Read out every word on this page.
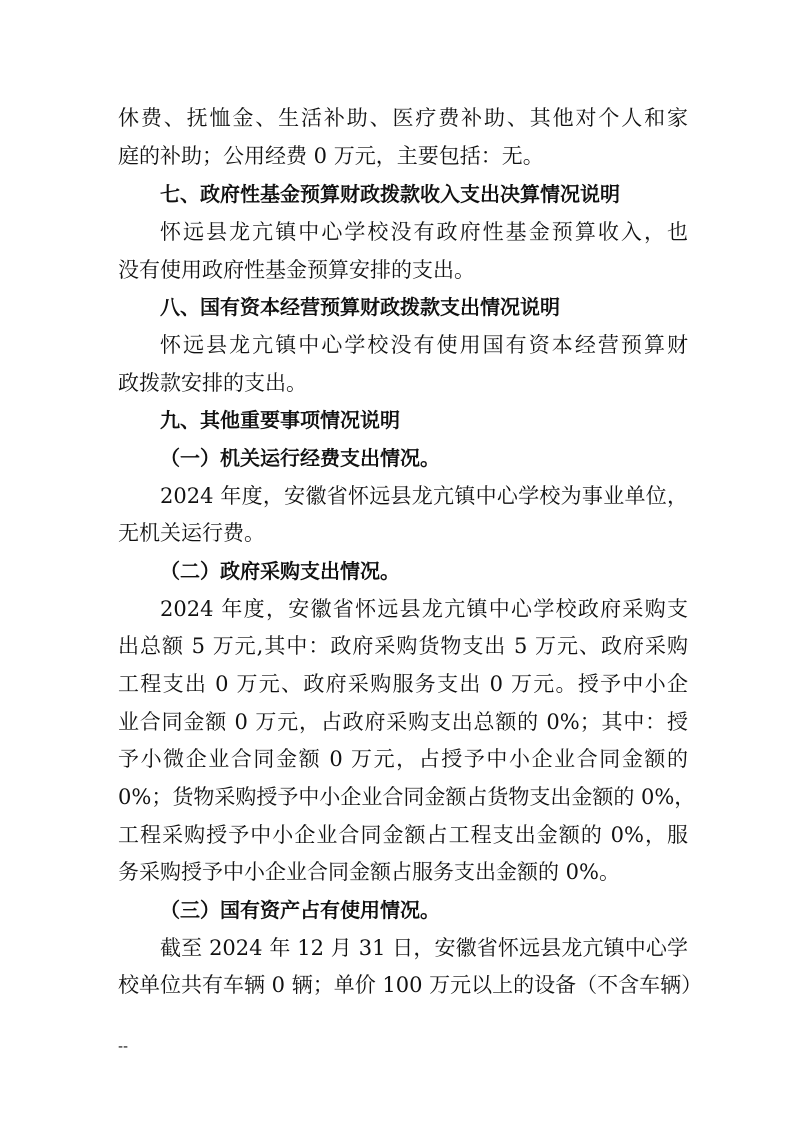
休费、抚恤金、生活补助、医疗费补助、其他对个人和家
庭的补助；公用经费 0 万元，主要包括：无。
七、政府性基金预算财政拨款收入支出决算情况说明
怀远县龙亢镇中心学校没有政府性基金预算收入，也
没有使用政府性基金预算安排的支出。
八、国有资本经营预算财政拨款支出情况说明
怀远县龙亢镇中心学校没有使用国有资本经营预算财
政拨款安排的支出。
九、其他重要事项情况说明
（一）机关运行经费支出情况。
2024 年度，安徽省怀远县龙亢镇中心学校为事业单位，
无机关运行费。
（二）政府采购支出情况。
2024 年度，安徽省怀远县龙亢镇中心学校政府采购支
出总额 5 万元,其中：政府采购货物支出 5 万元、政府采购
工程支出 0 万元、政府采购服务支出 0 万元。授予中小企
业合同金额 0 万元，占政府采购支出总额的 0%；其中：授
予小微企业合同金额 0 万元，占授予中小企业合同金额的
0%；货物采购授予中小企业合同金额占货物支出金额的 0%，
工程采购授予中小企业合同金额占工程支出金额的 0%，服
务采购授予中小企业合同金额占服务支出金额的 0%。
（三）国有资产占有使用情况。
截至 2024 年 12 月 31 日，安徽省怀远县龙亢镇中心学
校单位共有车辆 0 辆；单价 100 万元以上的设备（不含车辆）
--
